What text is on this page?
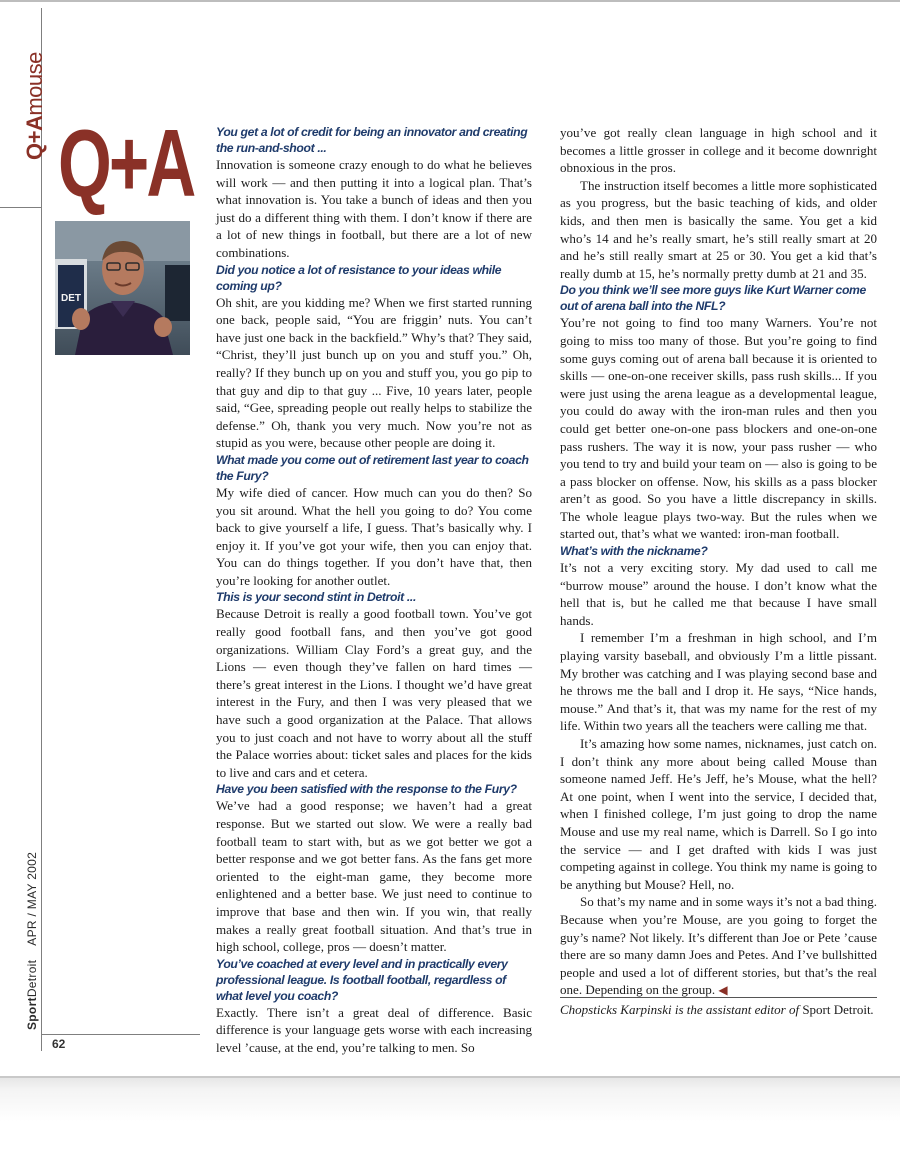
Q+Amouse
SportDetroitAPR / MAY 2002
62
Q+A
DET

You get a lot of credit for being an innovator and creating the run-and-shoot ...

Innovation is someone crazy enough to do what he believes will work — and then putting it into a logical plan. That’s what innovation is. You take a bunch of ideas and then you just do a different thing with them. I don’t know if there are a lot of new things in football, but there are a lot of new combinations.

Did you notice a lot of resistance to your ideas while coming up?

Oh shit, are you kidding me? When we first started running one back, people said, “You are friggin’ nuts. You can’t have just one back in the backfield.” Why’s that? They said, “Christ, they’ll just bunch up on you and stuff you.” Oh, really? If they bunch up on you and stuff you, you go pip to that guy and dip to that guy ... Five, 10 years later, people said, “Gee, spreading people out really helps to stabilize the defense.” Oh, thank you very much. Now you’re not as stupid as you were, because other people are doing it.

What made you come out of retirement last year to coach the Fury?

My wife died of cancer. How much can you do then? So you sit around. What the hell you going to do? You come back to give yourself a life, I guess. That’s basically why. I enjoy it. If you’ve got your wife, then you can enjoy that. You can do things together. If you don’t have that, then you’re looking for another outlet.

This is your second stint in Detroit ...

Because Detroit is really a good football town. You’ve got really good football fans, and then you’ve got good organizations. William Clay Ford’s a great guy, and the Lions — even though they’ve fallen on hard times — there’s great interest in the Lions. I thought we’d have great interest in the Fury, and then I was very pleased that we have such a good organization at the Palace. That allows you to just coach and not have to worry about all the stuff the Palace worries about: ticket sales and places for the kids to live and cars and et cetera.

Have you been satisfied with the response to the Fury?

We’ve had a good response; we haven’t had a great response. But we started out slow. We were a really bad football team to start with, but as we got better we got a better response and we got better fans. As the fans get more oriented to the eight-man game, they become more enlightened and a better base. We just need to continue to improve that base and then win. If you win, that really makes a really great football situation. And that’s true in high school, college, pros — doesn’t matter.

You’ve coached at every level and in practically every professional league. Is football football, regardless of what level you coach?

Exactly. There isn’t a great deal of difference. Basic difference is your language gets worse with each increasing level ’cause, at the end, you’re talking to men. So

you’ve got really clean language in high school and it becomes a little grosser in college and it become downright obnoxious in the pros.

The instruction itself becomes a little more sophisticated as you progress, but the basic teaching of kids, and older kids, and then men is basically the same. You get a kid who’s 14 and he’s really smart, he’s still really smart at 20 and he’s still really smart at 25 or 30. You get a kid that’s really dumb at 15, he’s normally pretty dumb at 21 and 35.

Do you think we’ll see more guys like Kurt Warner come out of arena ball into the NFL?

You’re not going to find too many Warners. You’re not going to miss too many of those. But you’re going to find some guys coming out of arena ball because it is oriented to skills — one-on-one receiver skills, pass rush skills... If you were just using the arena league as a developmental league, you could do away with the iron-man rules and then you could get better one-on-one pass blockers and one-on-one pass rushers. The way it is now, your pass rusher — who you tend to try and build your team on — also is going to be a pass blocker on offense. Now, his skills as a pass blocker aren’t as good. So you have a little discrepancy in skills. The whole league plays two-way. But the rules when we started out, that’s what we wanted: iron-man football.

What’s with the nickname?

It’s not a very exciting story. My dad used to call me “burrow mouse” around the house. I don’t know what the hell that is, but he called me that because I have small hands.

I remember I’m a freshman in high school, and I’m playing varsity baseball, and obviously I’m a little pissant. My brother was catching and I was playing second base and he throws me the ball and I drop it. He says, “Nice hands, mouse.” And that’s it, that was my name for the rest of my life. Within two years all the teachers were calling me that.

It’s amazing how some names, nicknames, just catch on. I don’t think any more about being called Mouse than someone named Jeff. He’s Jeff, he’s Mouse, what the hell? At one point, when I went into the service, I decided that, when I finished college, I’m just going to drop the name Mouse and use my real name, which is Darrell. So I go into the service — and I get drafted with kids I was just competing against in college. You think my name is going to be anything but Mouse? Hell, no.

So that’s my name and in some ways it’s not a bad thing. Because when you’re Mouse, are you going to forget the guy’s name? Not likely. It’s different than Joe or Pete ’cause there are so many damn Joes and Petes. And I’ve bullshitted people and used a lot of different stories, but that’s the real one. Depending on the group. ◀

Chopsticks Karpinski is the assistant editor of Sport Detroit.
